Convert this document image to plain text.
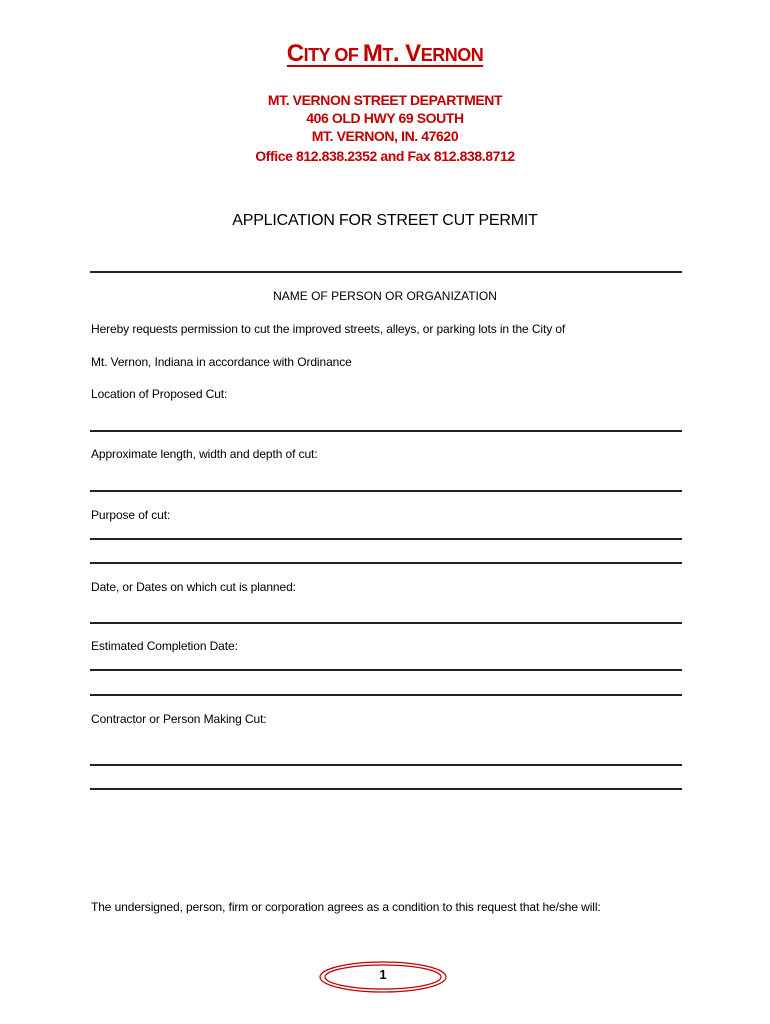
CITY OF MT. VERNON
MT. VERNON STREET DEPARTMENT
406 OLD HWY 69 SOUTH
MT. VERNON, IN. 47620
Office 812.838.2352 and Fax 812.838.8712
APPLICATION FOR STREET CUT PERMIT
NAME OF PERSON OR ORGANIZATION
Hereby requests permission to cut the improved streets, alleys, or parking lots in the City of
Mt. Vernon, Indiana in accordance with Ordinance
Location of Proposed Cut:
Approximate length, width and depth of cut:
Purpose of cut:
Date, or Dates on which cut is planned:
Estimated Completion Date:
Contractor or Person Making Cut:
The undersigned, person, firm or corporation agrees as a condition to this request that he/she will:
1
